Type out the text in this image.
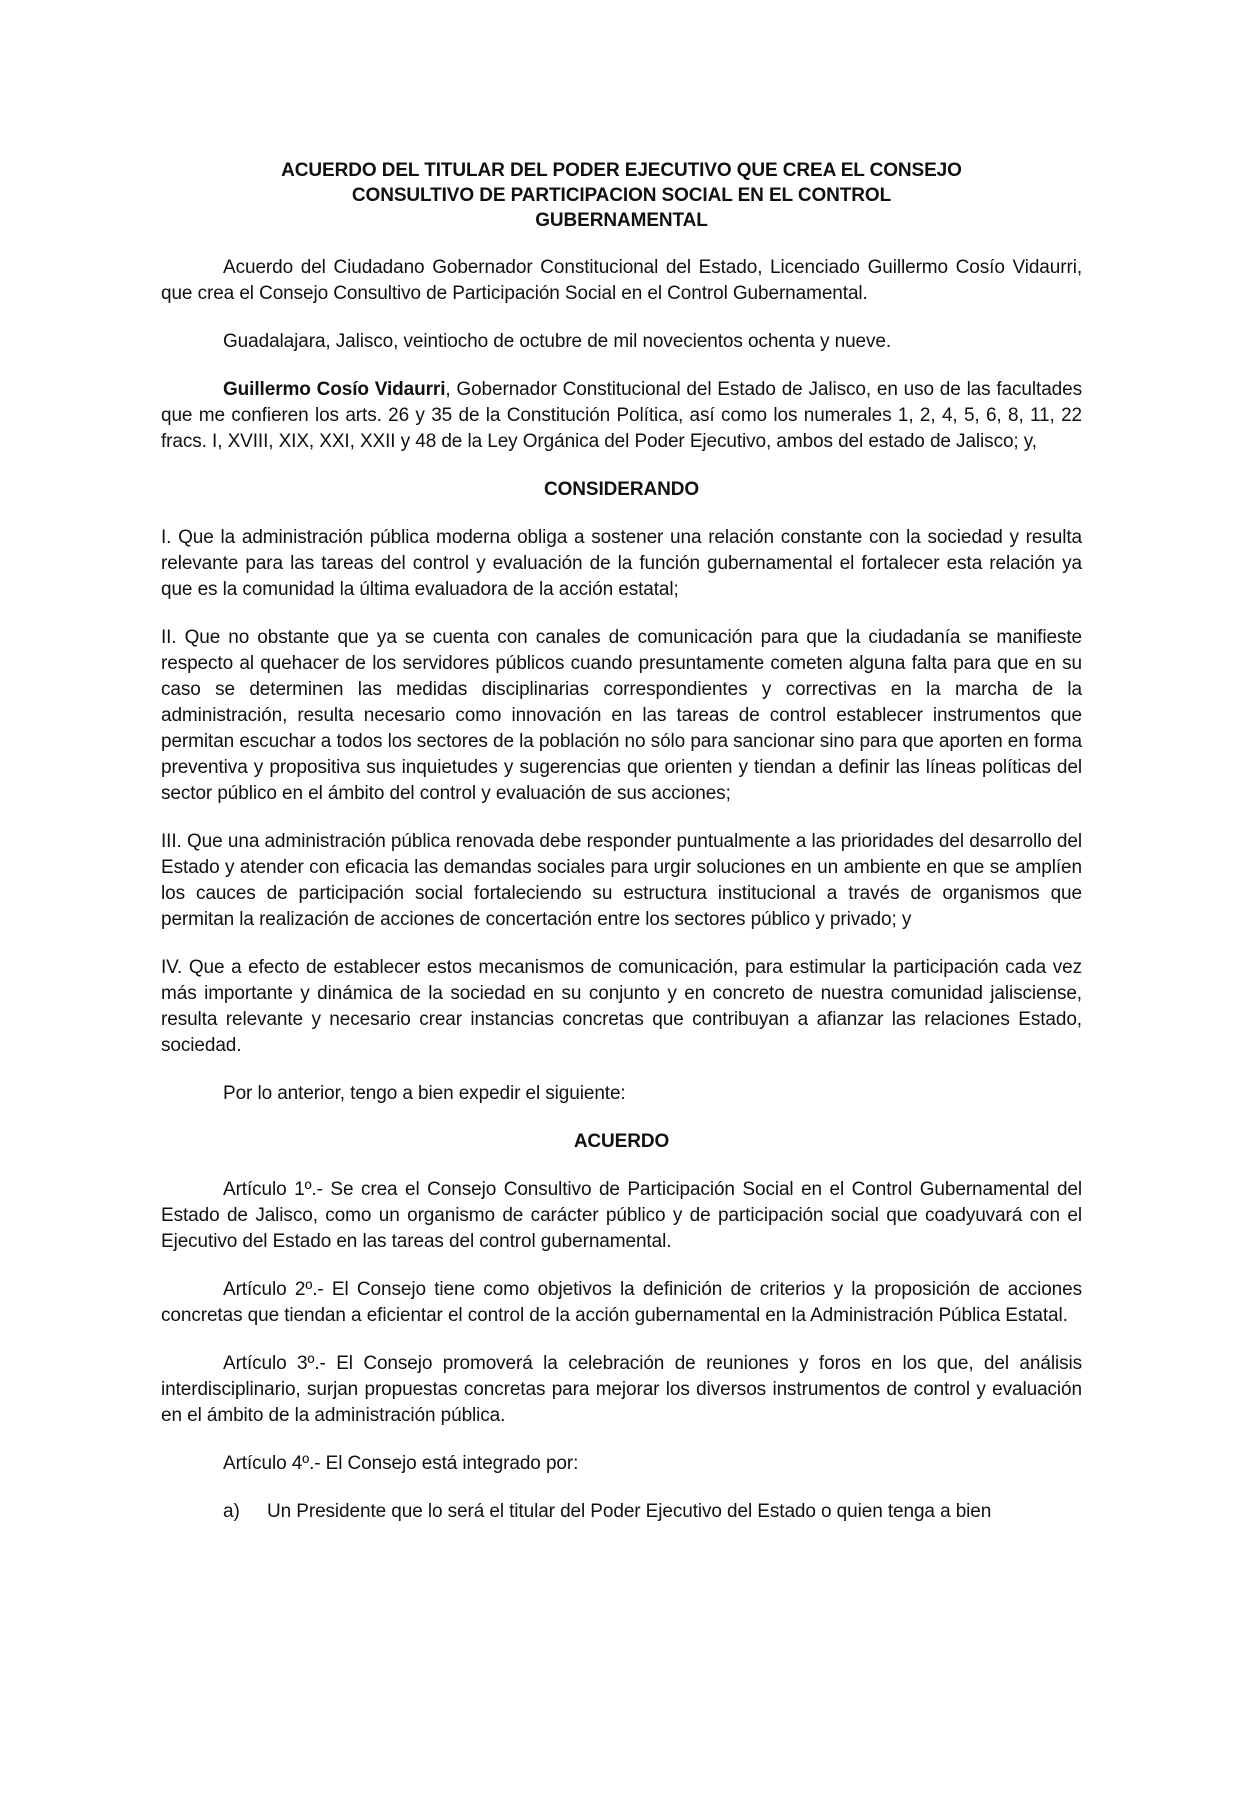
ACUERDO DEL TITULAR DEL PODER EJECUTIVO QUE CREA EL CONSEJO
CONSULTIVO DE PARTICIPACION SOCIAL EN EL CONTROL
GUBERNAMENTAL

Acuerdo del Ciudadano Gobernador Constitucional del Estado, Licenciado Guillermo Cosío Vidaurri, que crea el Consejo Consultivo de Participación Social en el Control Gubernamental.

Guadalajara, Jalisco, veintiocho de octubre de mil novecientos ochenta y nueve.

Guillermo Cosío Vidaurri, Gobernador Constitucional del Estado de Jalisco, en uso de las facultades que me confieren los arts. 26 y 35 de la Constitución Política, así como los numerales 1, 2, 4, 5, 6, 8, 11, 22 fracs. I, XVIII, XIX, XXI, XXII y 48 de la Ley Orgánica del Poder Ejecutivo, ambos del estado de Jalisco; y,

CONSIDERANDO

I. Que la administración pública moderna obliga a sostener una relación constante con la sociedad y resulta relevante para las tareas del control y evaluación de la función gubernamental el fortalecer esta relación ya que es la comunidad la última evaluadora de la acción estatal;

II. Que no obstante que ya se cuenta con canales de comunicación para que la ciudadanía se manifieste respecto al quehacer de los servidores públicos cuando presuntamente cometen alguna falta para que en su caso se determinen las medidas disciplinarias correspondientes y correctivas en la marcha de la administración, resulta necesario como innovación en las tareas de control establecer instrumentos que permitan escuchar a todos los sectores de la población no sólo para sancionar sino para que aporten en forma preventiva y propositiva sus inquietudes y sugerencias que orienten y tiendan a definir las líneas políticas del sector público en el ámbito del control y evaluación de sus acciones;

III. Que una administración pública renovada debe responder puntualmente a las prioridades del desarrollo del Estado y atender con eficacia las demandas sociales para urgir soluciones en un ambiente en que se amplíen los cauces de participación social fortaleciendo su estructura institucional a través de organismos que permitan la realización de acciones de concertación entre los sectores público y privado; y

IV. Que a efecto de establecer estos mecanismos de comunicación, para estimular la participación cada vez más importante y dinámica de la sociedad en su conjunto y en concreto de nuestra comunidad jalisciense, resulta relevante y necesario crear instancias concretas que contribuyan a afianzar las relaciones Estado, sociedad.

Por lo anterior, tengo a bien expedir el siguiente:

ACUERDO

Artículo 1º.- Se crea el Consejo Consultivo de Participación Social en el Control Gubernamental del Estado de Jalisco, como un organismo de carácter público y de participación social que coadyuvará con el Ejecutivo del Estado en las tareas del control gubernamental.

Artículo 2º.- El Consejo tiene como objetivos la definición de criterios y la proposición de acciones concretas que tiendan a eficientar el control de la acción gubernamental en la Administración Pública Estatal.

Artículo 3º.- El Consejo promoverá la celebración de reuniones y foros en los que, del análisis interdisciplinario, surjan propuestas concretas para mejorar los diversos instrumentos de control y evaluación en el ámbito de la administración pública.

Artículo 4º.- El Consejo está integrado por:

a)	Un Presidente que lo será el titular del Poder Ejecutivo del Estado o quien tenga a bien
